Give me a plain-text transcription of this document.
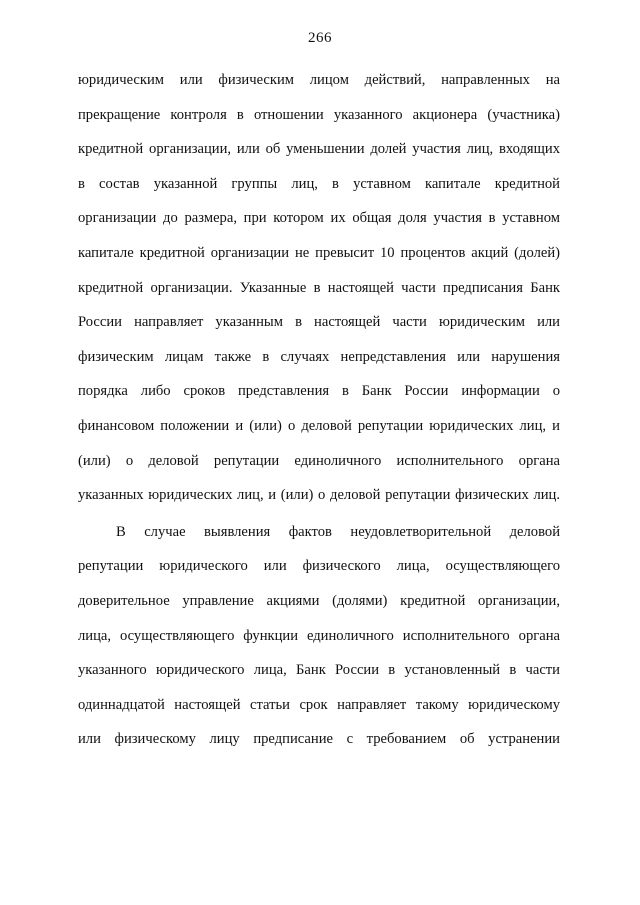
266
юридическим или физическим лицом действий, направленных на
прекращение контроля в отношении указанного акционера (участника)
кредитной организации, или об уменьшении долей участия лиц, входящих
в состав указанной группы лиц, в уставном капитале кредитной
организации до размера, при котором их общая доля участия в уставном
капитале кредитной организации не превысит 10 процентов акций (долей)
кредитной организации. Указанные в настоящей части предписания Банк
России направляет указанным в настоящей части юридическим или
физическим лицам также в случаях непредставления или нарушения
порядка либо сроков представления в Банк России информации о
финансовом положении и (или) о деловой репутации юридических лиц, и
(или) о деловой репутации единоличного исполнительного органа
указанных юридических лиц, и (или) о деловой репутации физических лиц.
В случае выявления фактов неудовлетворительной деловой
репутации юридического или физического лица, осуществляющего
доверительное управление акциями (долями) кредитной организации,
лица, осуществляющего функции единоличного исполнительного органа
указанного юридического лица, Банк России в установленный в части
одиннадцатой настоящей статьи срок направляет такому юридическому
или физическому лицу предписание с требованием об устранении
